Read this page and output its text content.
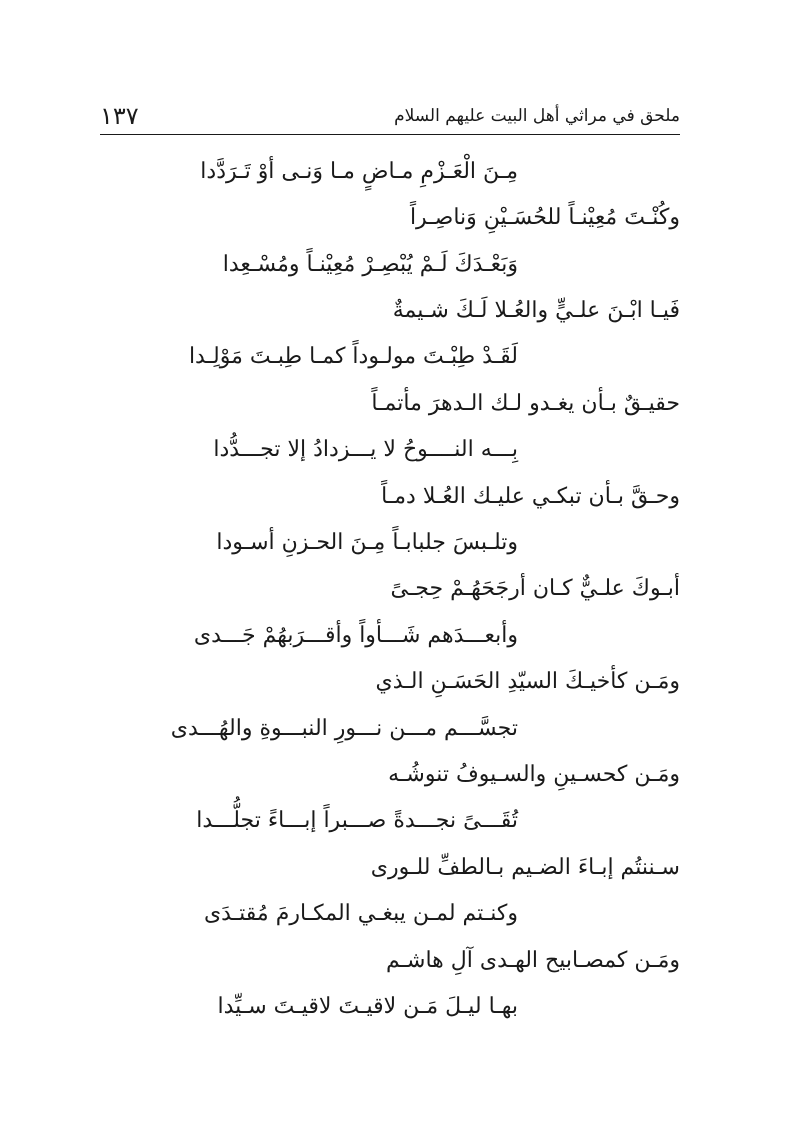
١٣٧	ملحق في مراثي أهل البيت عليهم السلام
مِـنَ الْعَـزْمِ مـاضٍ مـا وَنـى أوْ تَـرَدَّدا
وكُنْـتَ مُعِيْنـاً للحُسَـيْنِ وَناصِـراً
وَبَعْـدَكَ لَـمْ يُبْصِـرْ مُعِيْنـاً ومُسْـعِدا
فَيـا ابْـنَ علـيٍّ والعُـلا لَـكَ شـيمةٌ
لَقَـدْ طِبْـتَ مولـوداً كمـا طِبـتَ مَوْلِـدا
حقيـقٌ بـأن يغـدو لـك الـدهرَ مأتمـاً
بِـــه النــــوحُ لا يـــزدادُ إلا تجـــدُّدا
وحـقَّ بـأن تبكـي عليـك العُـلا دمـاً
وتلـبسَ جلبابـاً مِـنَ الحـزنِ أسـودا
أبـوكَ علـيٌّ كـان أرجَحَهُـمْ حِجـىً
وأبعـــدَهم شَـــأواً وأقـــرَبهُمْ جَـــدى
ومَـن كأخيـكَ السيّدِ الحَسَـنِ الـذي
تجسَّـــم مـــن نـــورِ النبـــوةِ والهُـــدى
ومَـن كحسـينِ والسـيوفُ تنوشُـه
تُقَـــىً نجـــدةً صـــبراً إبـــاءً تجلُّـــدا
سـننتُم إبـاءَ الضـيم بـالطفِّ للـورى
وكنـتم لمـن يبغـي المكـارمَ مُقتـدَى
ومَـن كمصـابيح الهـدى آلِ هاشـم
بهـا ليـلَ مَـن لاقيـتَ لاقيـتَ سـيِّدا
